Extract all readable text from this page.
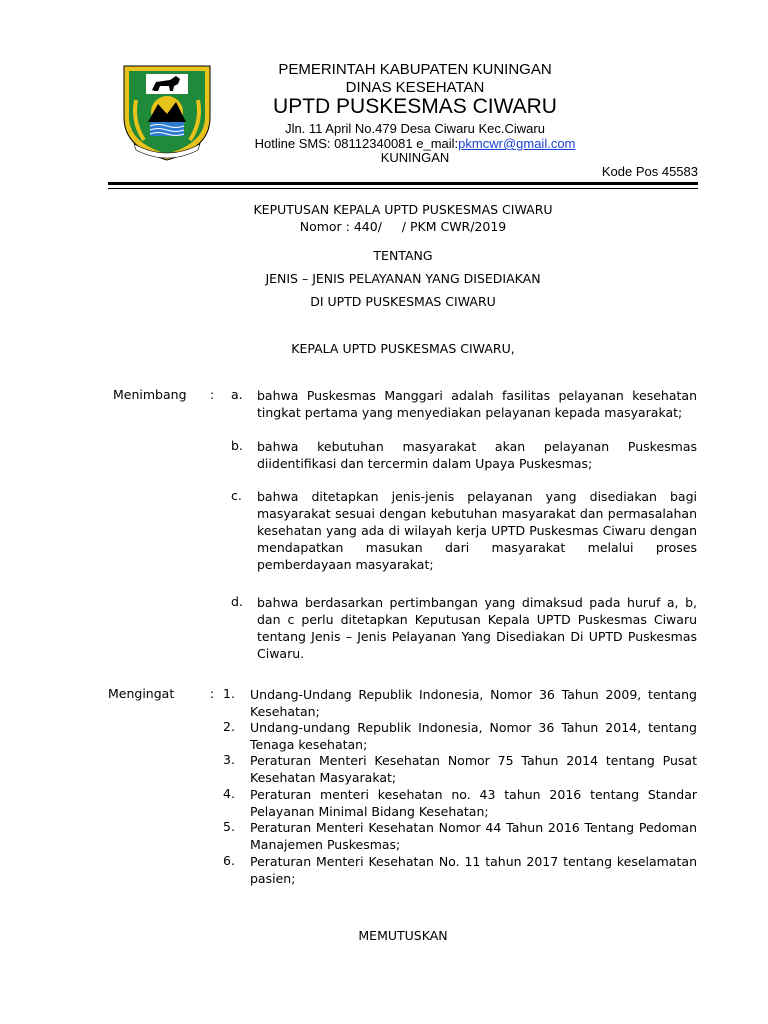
PEMERINTAH KABUPATEN KUNINGAN
DINAS KESEHATAN
UPTD PUSKESMAS CIWARU
Jln. 11 April No.479 Desa Ciwaru Kec.Ciwaru
Hotline SMS: 08112340081 e_mail:pkmcwr@gmail.com
KUNINGAN
Kode Pos 45583
KEPUTUSAN KEPALA UPTD PUSKESMAS CIWARU
Nomor : 440/     / PKM CWR/2019
TENTANG
JENIS – JENIS PELAYANAN YANG DISEDIAKAN
DI UPTD PUSKESMAS CIWARU
KEPALA UPTD PUSKESMAS CIWARU,
Menimbang : a. bahwa Puskesmas Manggari adalah fasilitas pelayanan kesehatan tingkat pertama yang menyediakan pelayanan kepada masyarakat;
b. bahwa kebutuhan masyarakat akan pelayanan Puskesmas diidentifikasi dan tercermin dalam Upaya Puskesmas;
c. bahwa ditetapkan jenis-jenis pelayanan yang disediakan bagi masyarakat sesuai dengan kebutuhan masyarakat dan permasalahan kesehatan yang ada di wilayah kerja UPTD Puskesmas Ciwaru dengan mendapatkan masukan dari masyarakat melalui proses pemberdayaan masyarakat;
d. bahwa berdasarkan pertimbangan yang dimaksud pada huruf a, b, dan c perlu ditetapkan Keputusan Kepala UPTD Puskesmas Ciwaru tentang Jenis – Jenis Pelayanan Yang Disediakan Di UPTD Puskesmas Ciwaru.
Mengingat	: 1. Undang-Undang Republik Indonesia, Nomor 36 Tahun 2009, tentang Kesehatan;
2. Undang-undang Republik Indonesia, Nomor 36 Tahun 2014, tentang Tenaga kesehatan;
3. Peraturan Menteri Kesehatan Nomor 75 Tahun 2014 tentang Pusat Kesehatan Masyarakat;
4. Peraturan menteri kesehatan no. 43 tahun 2016 tentang Standar Pelayanan Minimal Bidang Kesehatan;
5. Peraturan Menteri Kesehatan Nomor 44 Tahun 2016 Tentang Pedoman Manajemen Puskesmas;
6. Peraturan Menteri Kesehatan No. 11 tahun 2017 tentang keselamatan pasien;
MEMUTUSKAN
